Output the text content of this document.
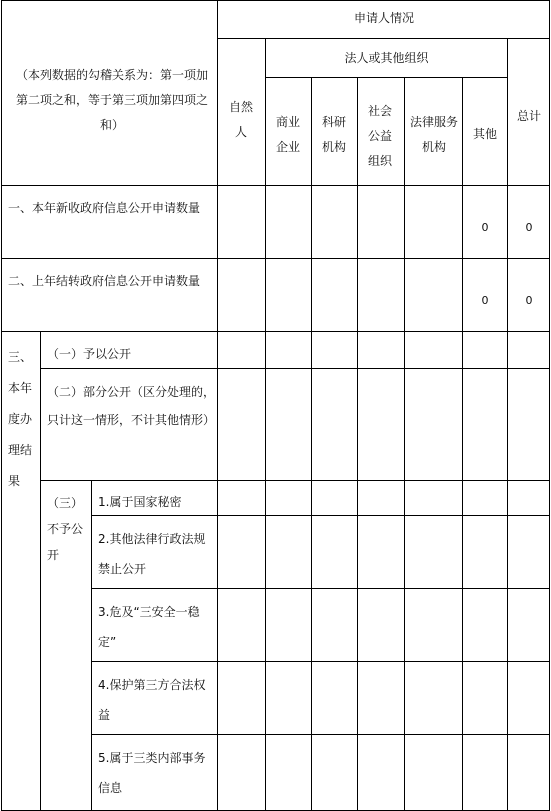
申请人情况
（本列数据的勾稽关系为：第一项加第二项之和，等于第三项加第四项之和）
自然人
法人或其他组织
商业企业
科研机构
社会公益组织
法律服务机构
其他
总计
一、本年新收政府信息公开申请数量
0	0
二、上年结转政府信息公开申请数量
0	0
三、本年度办理结果
（一）予以公开
（二）部分公开（区分处理的，只计这一情形，不计其他情形）
（三）不予公开
1.属于国家秘密
2.其他法律行政法规禁止公开
3.危及“三安全一稳定”
4.保护第三方合法权益
5.属于三类内部事务信息
